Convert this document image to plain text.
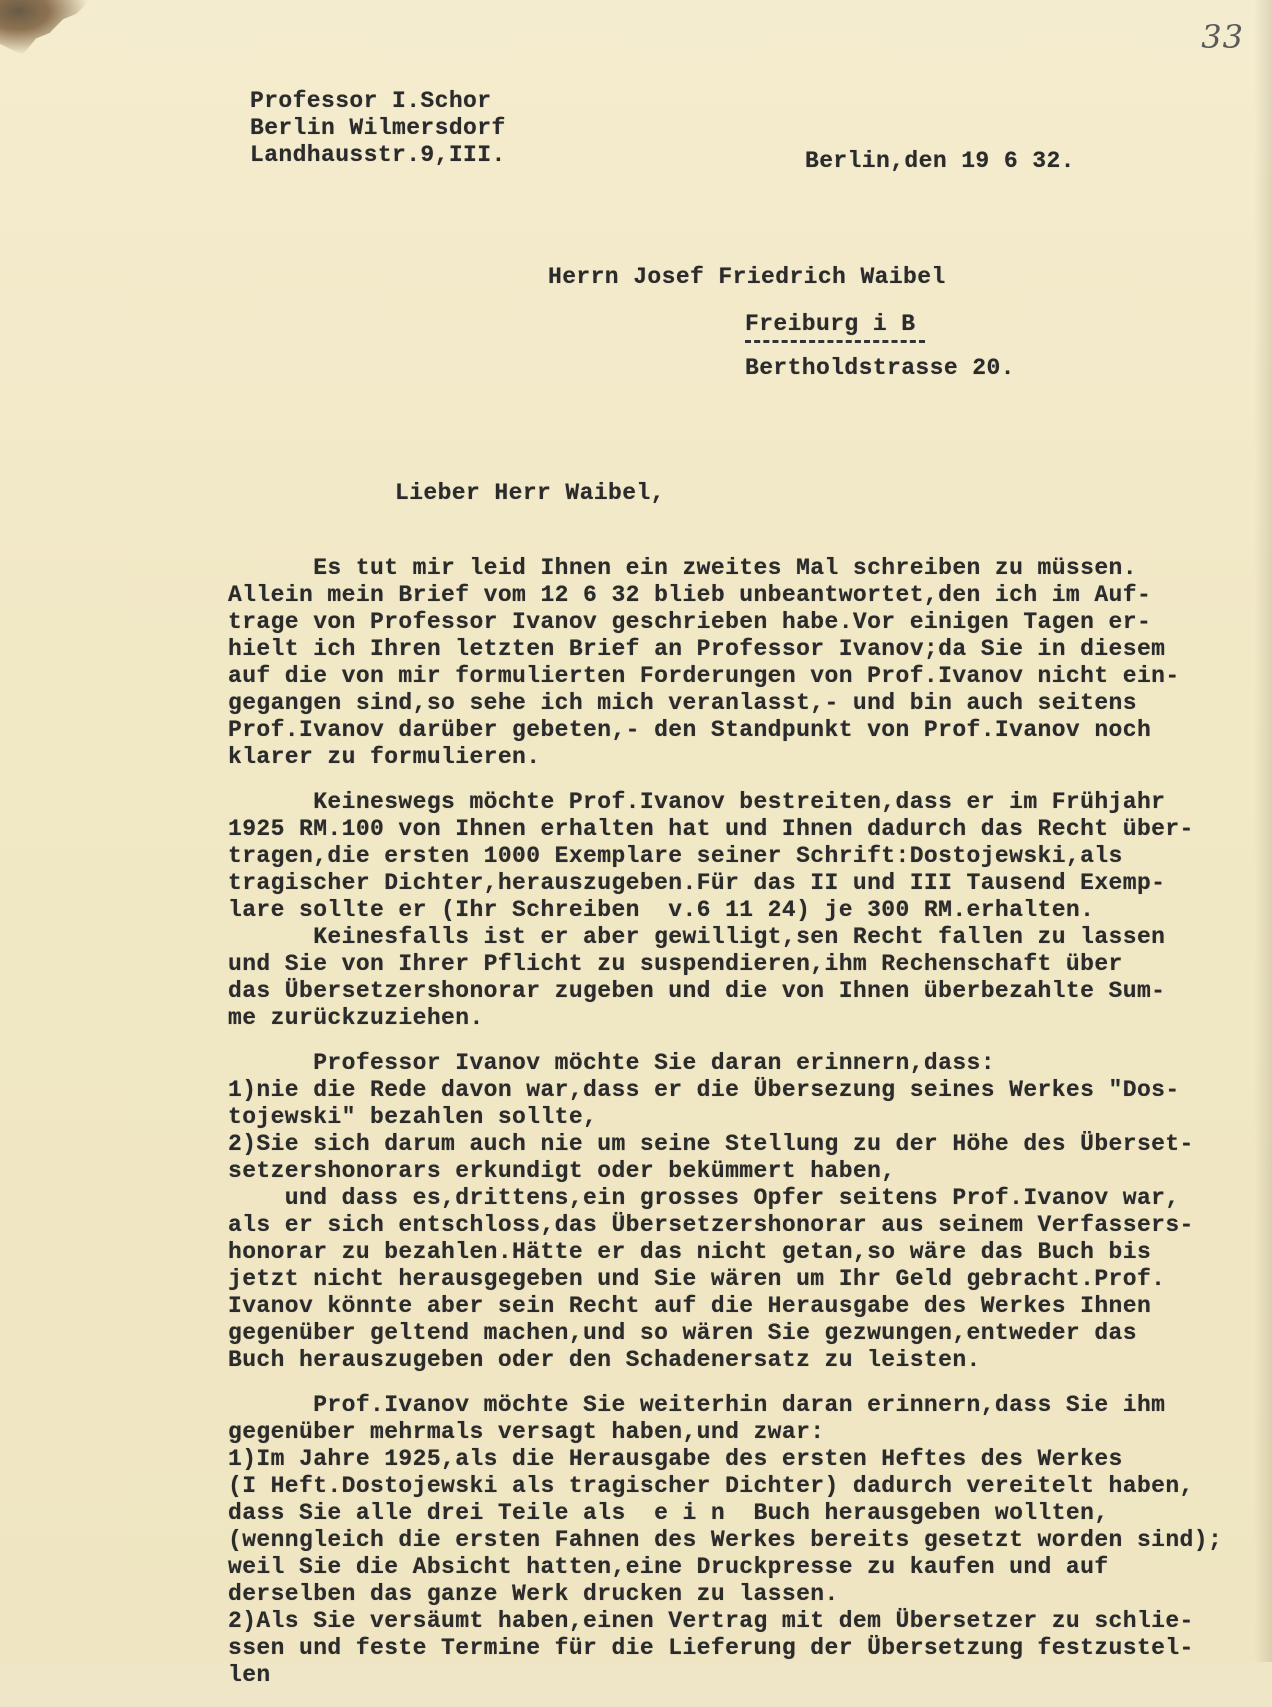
33
Professor I.Schor
Berlin Wilmersdorf
Landhausstr.9,III.	Berlin,den 19 6 32.
Herrn Josef Friedrich Waibel
Freiburg i B
Bertholdstrasse 20.
Lieber Herr Waibel,

Es tut mir leid Ihnen ein zweites Mal schreiben zu müssen.

Allein mein Brief vom 12 6 32 blieb unbeantwortet,den ich im Auf-

trage von Professor Ivanov geschrieben habe.Vor einigen Tagen er-

hielt ich Ihren letzten Brief an Professor Ivanov;da Sie in diesem

auf die von mir formulierten Forderungen von Prof.Ivanov nicht ein-

gegangen sind,so sehe ich mich veranlasst,- und bin auch seitens

Prof.Ivanov darüber gebeten,- den Standpunkt von Prof.Ivanov noch

klarer zu formulieren.

Keineswegs möchte Prof.Ivanov bestreiten,dass er im Frühjahr

1925 RM.100 von Ihnen erhalten hat und Ihnen dadurch das Recht über-

tragen,die ersten 1000 Exemplare seiner Schrift:Dostojewski,als

tragischer Dichter,herauszugeben.Für das II und III Tausend Exemp-

lare sollte er (Ihr Schreiben  v.6 11 24) je 300 RM.erhalten.

Keinesfalls ist er aber gewilligt,sen Recht fallen zu lassen

und Sie von Ihrer Pflicht zu suspendieren,ihm Rechenschaft über

das Übersetzershonorar zugeben und die von Ihnen überbezahlte Sum-

me zurückzuziehen.

Professor Ivanov möchte Sie daran erinnern,dass:

1)nie die Rede davon war,dass er die Übersezung seines Werkes "Dos-

tojewski" bezahlen sollte,

2)Sie sich darum auch nie um seine Stellung zu der Höhe des Überset-

setzershonorars erkundigt oder bekümmert haben,

und dass es,drittens,ein grosses Opfer seitens Prof.Ivanov war,

als er sich entschloss,das Übersetzershonorar aus seinem Verfassers-

honorar zu bezahlen.Hätte er das nicht getan,so wäre das Buch bis

jetzt nicht herausgegeben und Sie wären um Ihr Geld gebracht.Prof.

Ivanov könnte aber sein Recht auf die Herausgabe des Werkes Ihnen

gegenüber geltend machen,und so wären Sie gezwungen,entweder das

Buch herauszugeben oder den Schadenersatz zu leisten.

Prof.Ivanov möchte Sie weiterhin daran erinnern,dass Sie ihm

gegenüber mehrmals versagt haben,und zwar:

1)Im Jahre 1925,als die Herausgabe des ersten Heftes des Werkes

(I Heft.Dostojewski als tragischer Dichter) dadurch vereitelt haben,

dass Sie alle drei Teile als  e i n  Buch herausgeben wollten,

(wenngleich die ersten Fahnen des Werkes bereits gesetzt worden sind);

weil Sie die Absicht hatten,eine Druckpresse zu kaufen und auf

derselben das ganze Werk drucken zu lassen.

2)Als Sie versäumt haben,einen Vertrag mit dem Übersetzer zu schlie-

ssen und feste Termine für die Lieferung der Übersetzung festzustel-

len
